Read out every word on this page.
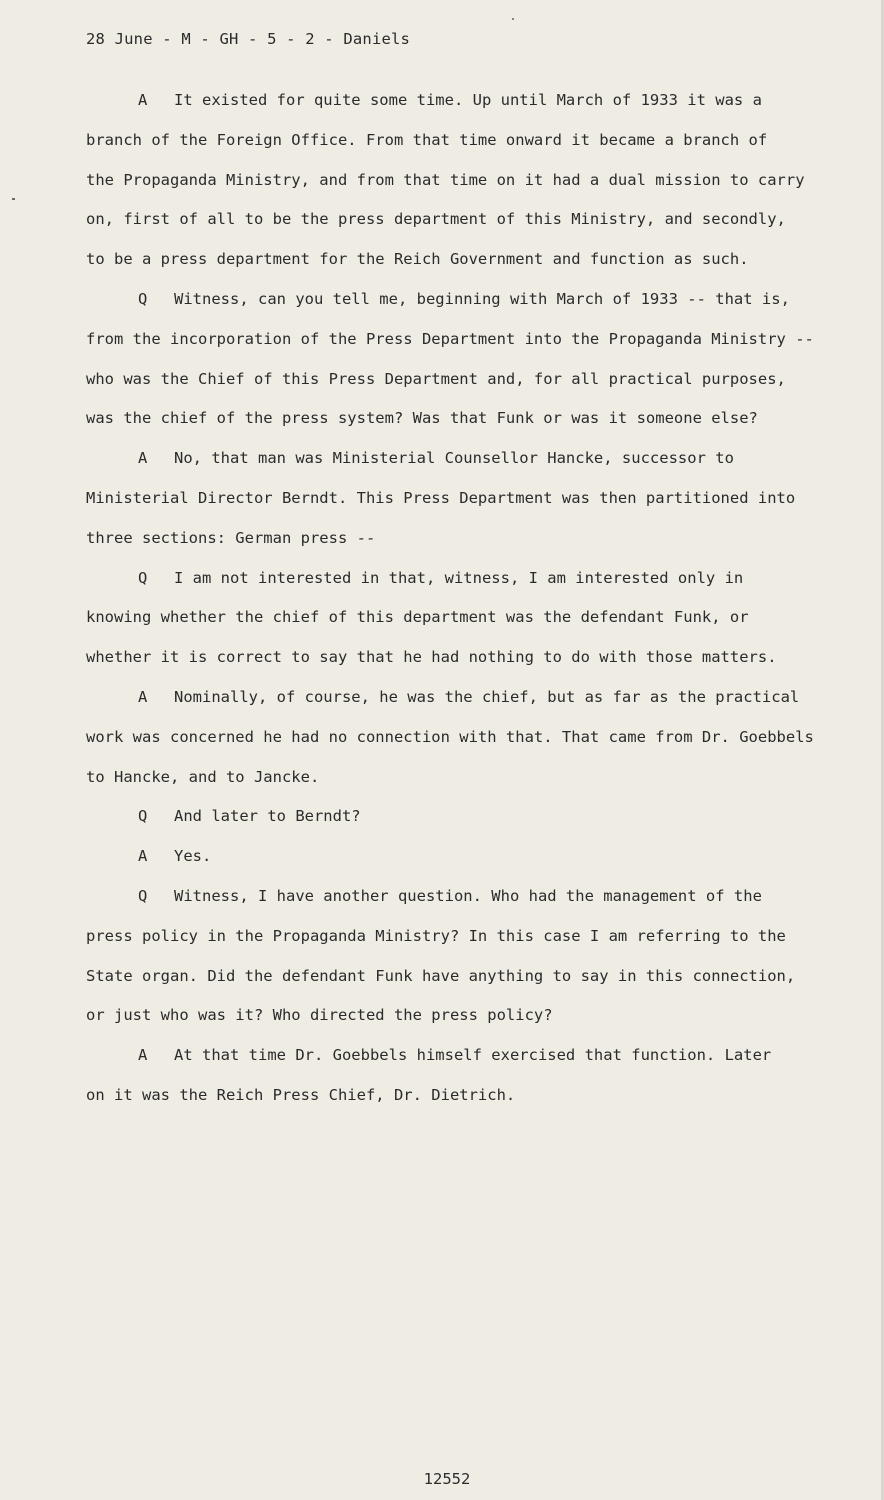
28 June - M - GH - 5 - 2 - Daniels
A It existed for quite some time. Up until March of 1933 it was a
branch of the Foreign Office. From that time onward it became a branch of
the Propaganda Ministry, and from that time on it had a dual mission to carry
on, first of all to be the press department of this Ministry, and secondly,
to be a press department for the Reich Government and function as such.
Q Witness, can you tell me, beginning with March of 1933 -- that is,
from the incorporation of the Press Department into the Propaganda Ministry --
who was the Chief of this Press Department and, for all practical purposes,
was the chief of the press system? Was that Funk or was it someone else?
A No, that man was Ministerial Counsellor Hancke, successor to
Ministerial Director Berndt. This Press Department was then partitioned into
three sections: German press --
Q I am not interested in that, witness, I am interested only in
knowing whether the chief of this department was the defendant Funk, or
whether it is correct to say that he had nothing to do with those matters.
A Nominally, of course, he was the chief, but as far as the practical
work was concerned he had no connection with that. That came from Dr. Goebbels
to Hancke, and to Jancke.
Q And later to Berndt?
A Yes.
Q Witness, I have another question. Who had the management of the
press policy in the Propaganda Ministry? In this case I am referring to the
State organ. Did the defendant Funk have anything to say in this connection,
or just who was it? Who directed the press policy?
A At that time Dr. Goebbels himself exercised that function. Later
on it was the Reich Press Chief, Dr. Dietrich.
12552
